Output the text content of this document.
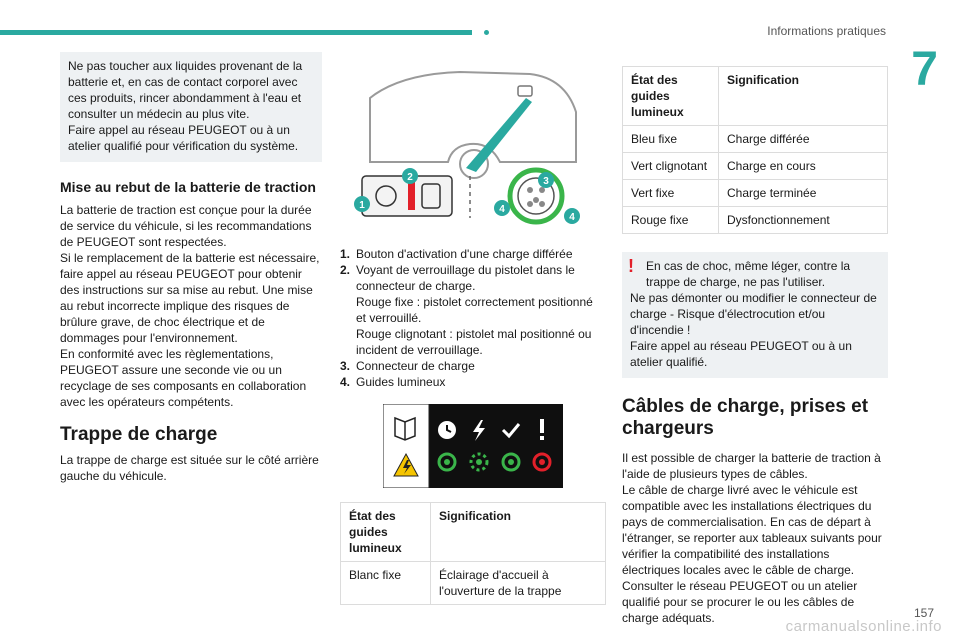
Informations pratiques
7
Ne pas toucher aux liquides provenant de la batterie et, en cas de contact corporel avec ces produits, rincer abondamment à l'eau et consulter un médecin au plus vite.
Faire appel au réseau PEUGEOT ou à un atelier qualifié pour vérification du système.
Mise au rebut de la batterie de traction
La batterie de traction est conçue pour la durée de service du véhicule, si les recommandations de PEUGEOT sont respectées.
Si le remplacement de la batterie est nécessaire, faire appel au réseau PEUGEOT pour obtenir des instructions sur sa mise au rebut. Une mise au rebut incorrecte implique des risques de brûlure grave, de choc électrique et de dommages pour l'environnement.
En conformité avec les règlementations, PEUGEOT assure une seconde vie ou un recyclage de ses composants en collaboration avec les opérateurs compétents.
Trappe de charge
La trappe de charge est située sur le côté arrière gauche du véhicule.
1
2	3
4
4
1. Bouton d'activation d'une charge différée
2. Voyant de verrouillage du pistolet dans le connecteur de charge.
Rouge fixe : pistolet correctement positionné et verrouillé.
Rouge clignotant : pistolet mal positionné ou incident de verrouillage.
3. Connecteur de charge
4. Guides lumineux
État des guides lumineux	Signification
Blanc fixe	Éclairage d'accueil à l'ouverture de la trappe
État des guides lumineux	Signification
Bleu fixe	Charge différée
Vert clignotant	Charge en cours
Vert fixe	Charge terminée
Rouge fixe	Dysfonctionnement
!	En cas de choc, même léger, contre la trappe de charge, ne pas l'utiliser.
Ne pas démonter ou modifier le connecteur de charge - Risque d'électrocution et/ou d'incendie !
Faire appel au réseau PEUGEOT ou à un atelier qualifié.
Câbles de charge, prises et chargeurs
Il est possible de charger la batterie de traction à l'aide de plusieurs types de câbles.
Le câble de charge livré avec le véhicule est compatible avec les installations électriques du pays de commercialisation. En cas de départ à l'étranger, se reporter aux tableaux suivants pour vérifier la compatibilité des installations électriques locales avec le câble de charge.
Consulter le réseau PEUGEOT ou un atelier qualifié pour se procurer le ou les câbles de charge adéquats.	157
carmanualsonline.info
